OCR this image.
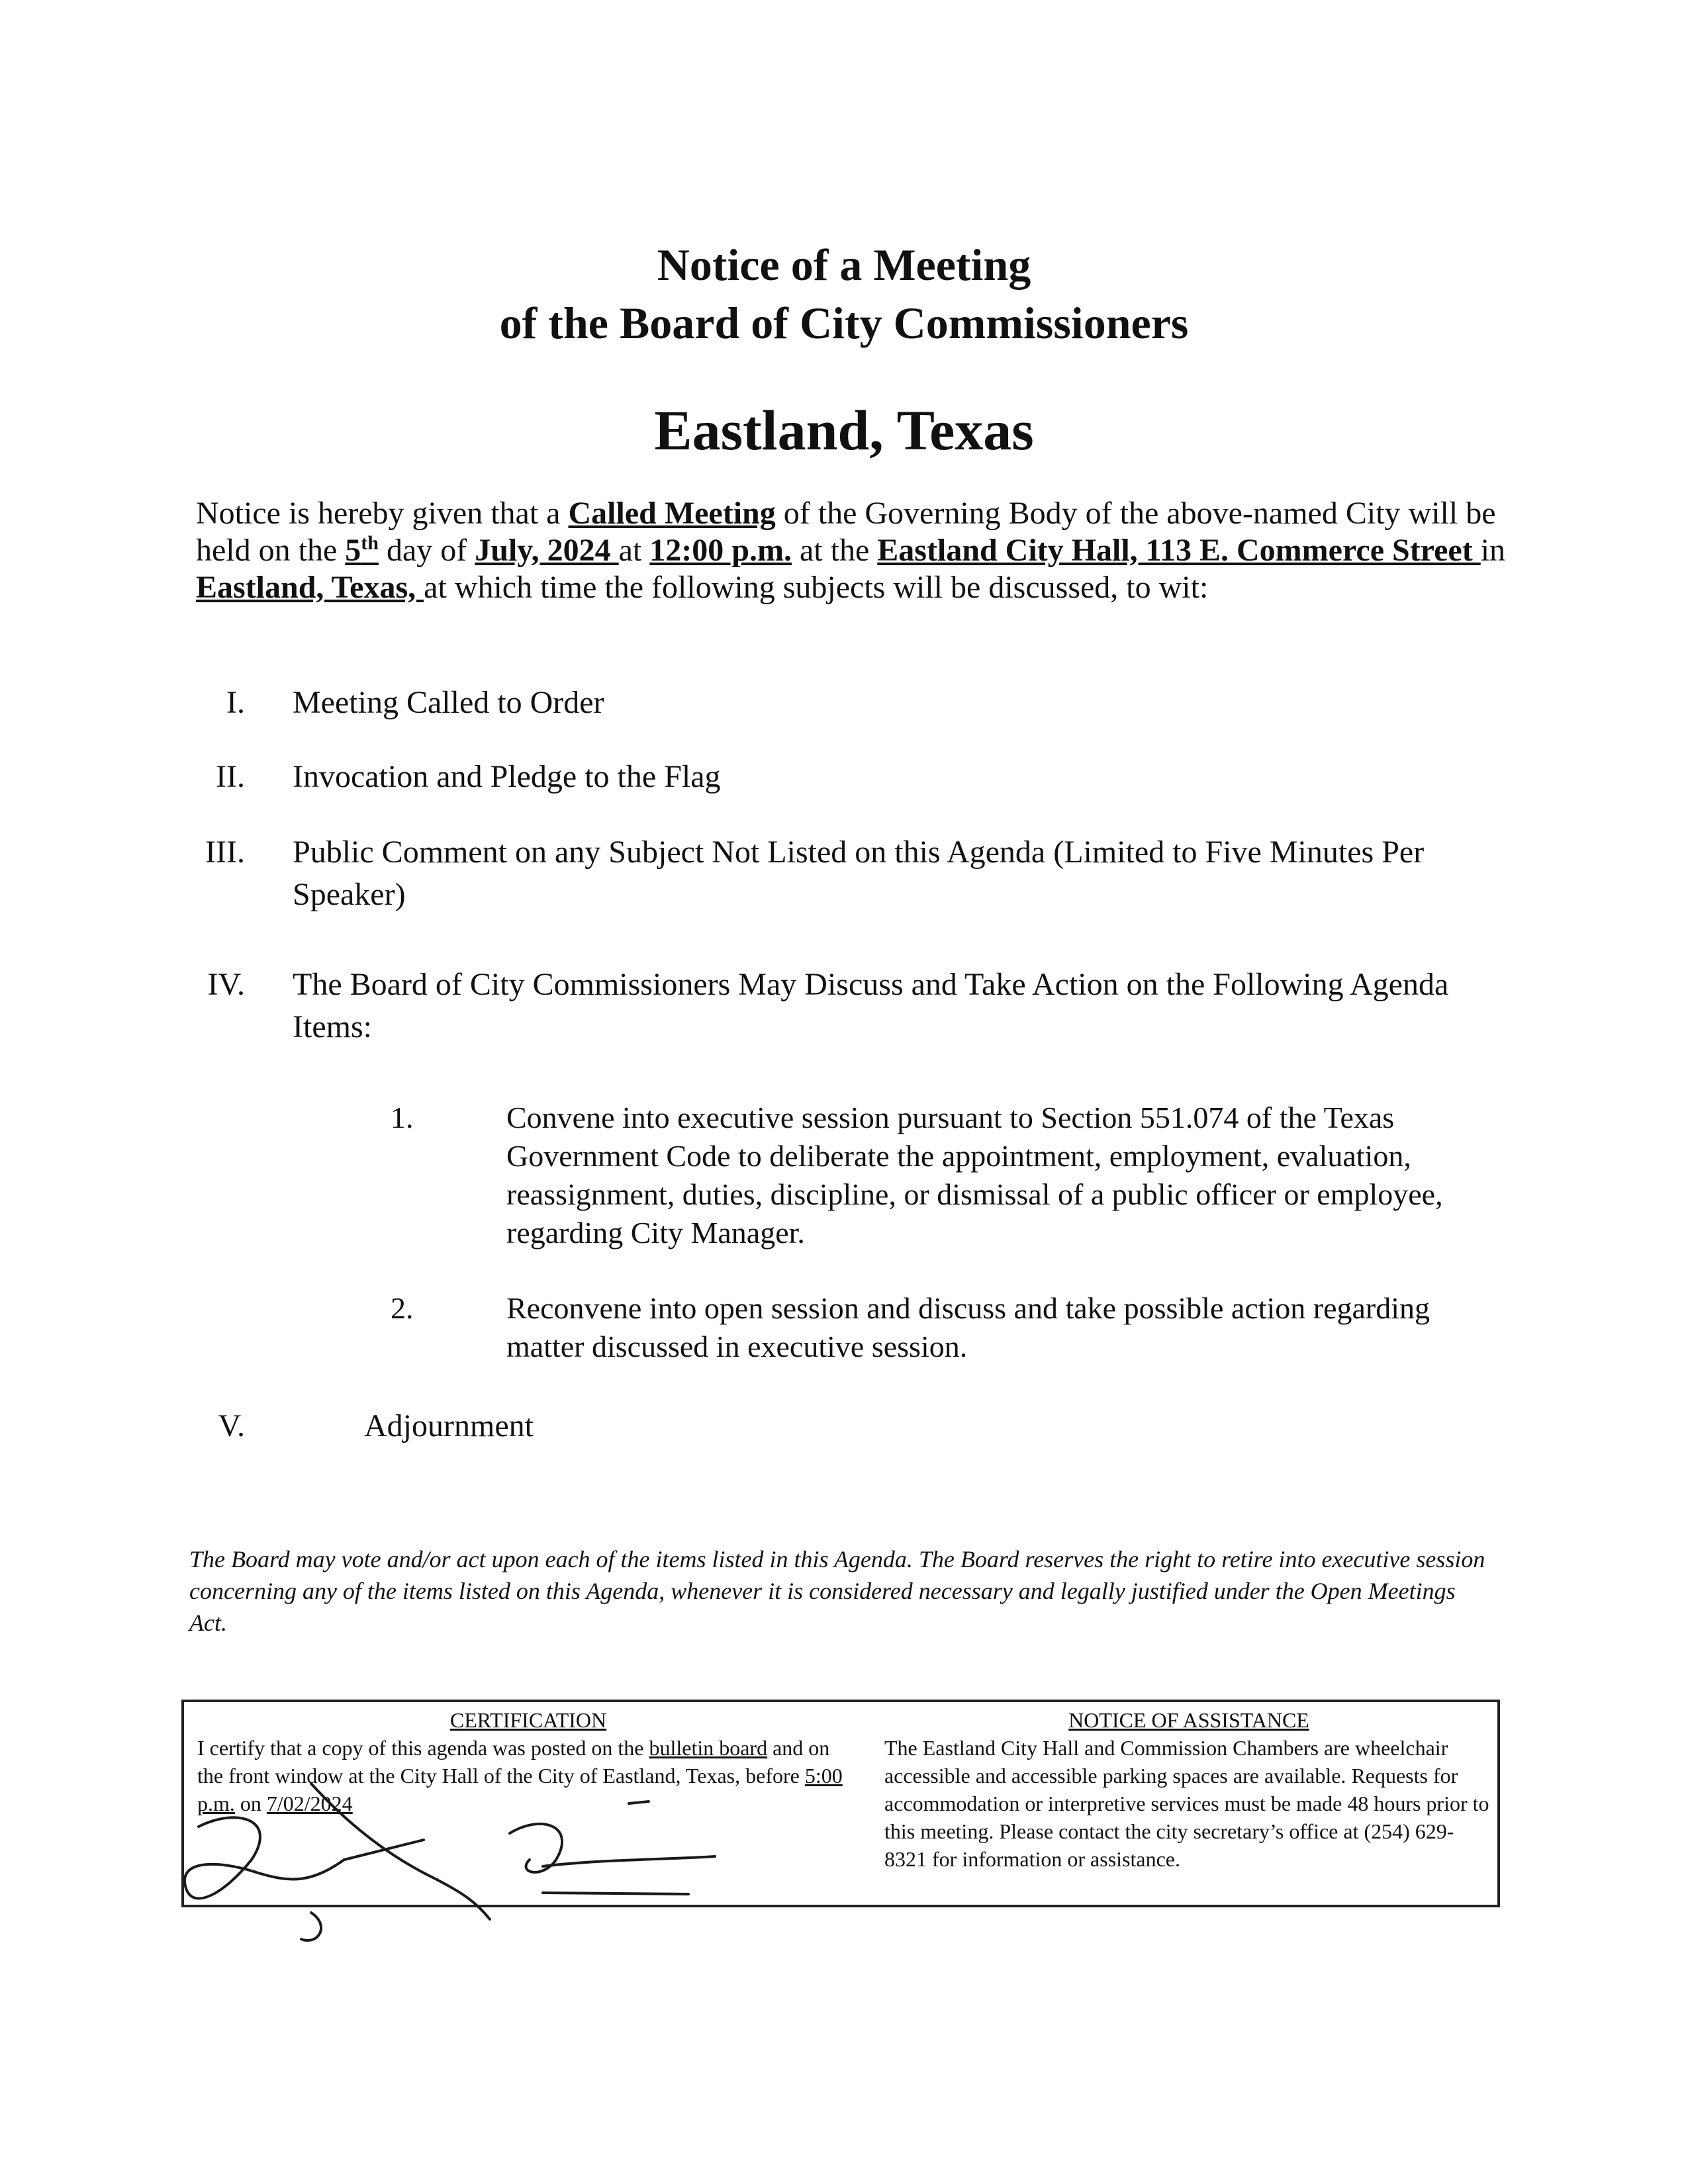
Notice of a Meeting
of the Board of City Commissioners
Eastland, Texas
Notice is hereby given that a Called Meeting of the Governing Body of the above-named City will be held on the 5th day of July, 2024 at 12:00 p.m. at the Eastland City Hall, 113 E. Commerce Street in Eastland, Texas, at which time the following subjects will be discussed, to wit:
I. Meeting Called to Order
II. Invocation and Pledge to the Flag
III. Public Comment on any Subject Not Listed on this Agenda (Limited to Five Minutes Per Speaker)
IV. The Board of City Commissioners May Discuss and Take Action on the Following Agenda Items:
1.	Convene into executive session pursuant to Section 551.074 of the Texas Government Code to deliberate the appointment, employment, evaluation, reassignment, duties, discipline, or dismissal of a public officer or employee, regarding City Manager.
2.	Reconvene into open session and discuss and take possible action regarding matter discussed in executive session.
V.	Adjournment
The Board may vote and/or act upon each of the items listed in this Agenda. The Board reserves the right to retire into executive session concerning any of the items listed on this Agenda, whenever it is considered necessary and legally justified under the Open Meetings Act.
CERTIFICATION
I certify that a copy of this agenda was posted on the bulletin board and on the front window at the City Hall of the City of Eastland, Texas, before 5:00 p.m. on 7/02/2024
NOTICE OF ASSISTANCE
The Eastland City Hall and Commission Chambers are wheelchair accessible and accessible parking spaces are available. Requests for accommodation or interpretive services must be made 48 hours prior to this meeting. Please contact the city secretary’s office at (254) 629-8321 for information or assistance.
